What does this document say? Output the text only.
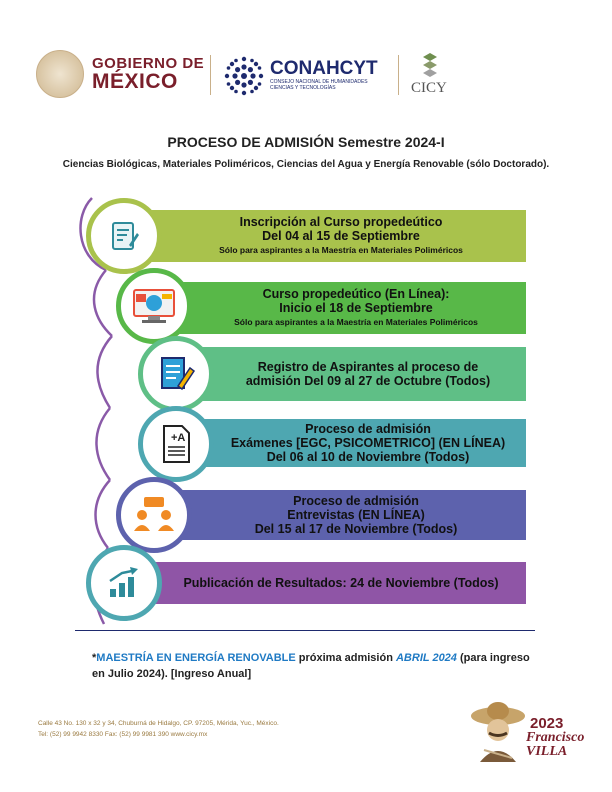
GOBIERNO DE
MÉXICO
CONAHCYT
CONSEJO NACIONAL DE HUMANIDADES CIENCIAS Y TECNOLOGÍAS	CICY
PROCESO DE ADMISIÓN Semestre 2024-I
Ciencias Biológicas, Materiales Poliméricos, Ciencias del Agua y Energía Renovable (sólo Doctorado).
Inscripción al Curso propedeútico
Del 04 al 15 de Septiembre
Sólo para aspirantes a la Maestría en Materiales Poliméricos
Curso propedeútico (En Línea):
Inicio el 18 de Septiembre
Sólo para aspirantes a la Maestría en Materiales Poliméricos
Registro de Aspirantes al proceso de
admisión Del 09 al 27 de Octubre (Todos)
Proceso de admisión
Exámenes [EGC, PSICOMETRICO] (EN LÍNEA)
Del 06 al 10 de Noviembre (Todos)
+A
Proceso de admisión
Entrevistas (EN LÍNEA)
Del 15 al 17 de Noviembre (Todos)
Publicación de Resultados: 24 de Noviembre (Todos)
*MAESTRÍA EN ENERGÍA RENOVABLE próxima admisión ABRIL 2024 (para ingreso en Julio 2024). [Ingreso Anual]
Calle 43 No. 130 x 32 y 34, Chuburná de Hidalgo, CP. 97205, Mérida, Yuc., México.
Tel: (52) 99 9942 8330 Fax: (52) 99 9981 390 www.cicy.mx
2023
Francisco
VILLA
